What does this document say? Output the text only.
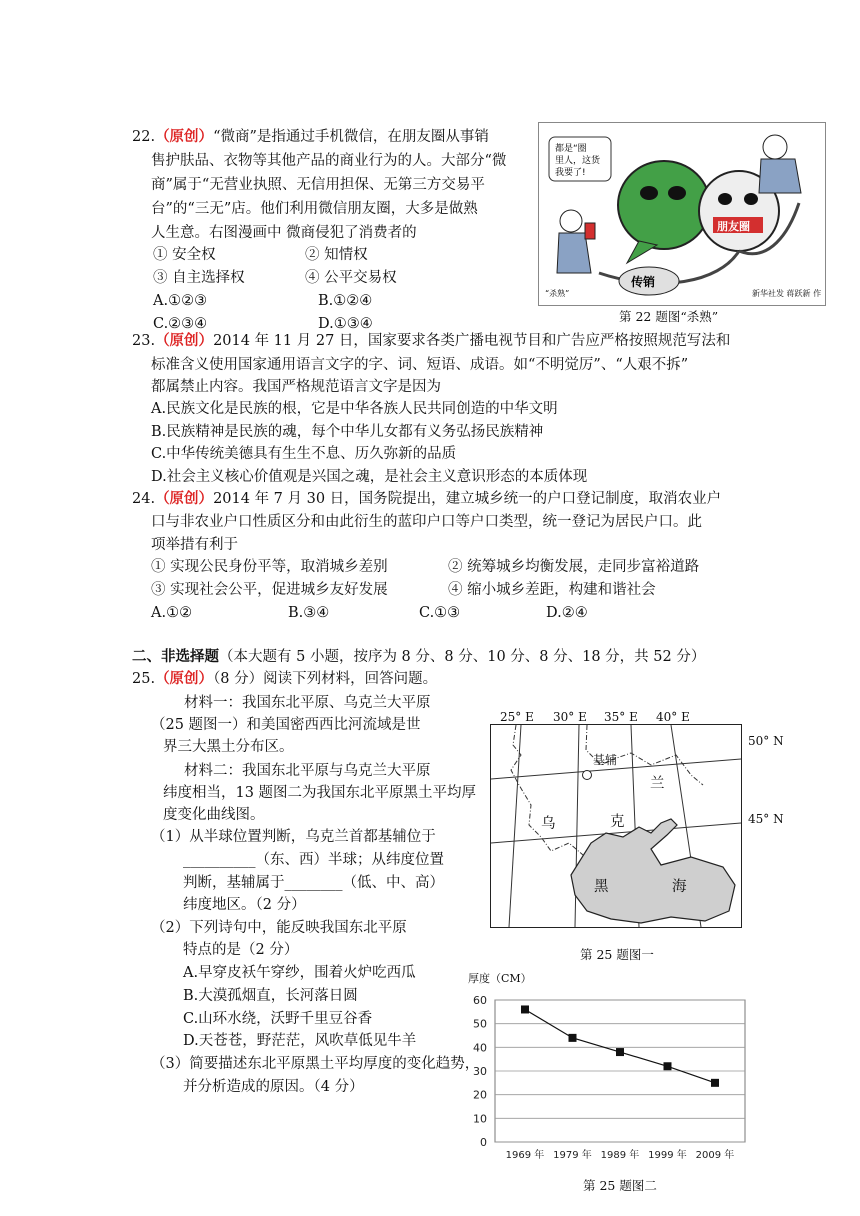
22.（原创）“微商”是指通过手机微信，在朋友圈从事销
售护肤品、衣物等其他产品的商业行为的人。大部分“微
商”属于“无营业执照、无信用担保、无第三方交易平
台”的“三无”店。他们利用微信朋友圈，大多是做熟
人生意。右图漫画中 微商侵犯了消费者的
① 安全权	② 知情权
③ 自主选择权	④ 公平交易权
A.①②③	B.①②④
C.②③④	D.①③④
都是“圈
里人，这货
我要了!
朋友圈
传销
“杀熟”	新华社发 蒋跃新 作
第 22 题图“杀熟”
23.（原创）2014 年 11 月 27 日，国家要求各类广播电视节目和广告应严格按照规范写法和
标准含义使用国家通用语言文字的字、词、短语、成语。如“不明觉厉”、“人艰不拆”
都属禁止内容。我国严格规范语言文字是因为
A.民族文化是民族的根，它是中华各族人民共同创造的中华文明
B.民族精神是民族的魂，每个中华儿女都有义务弘扬民族精神
C.中华传统美德具有生生不息、历久弥新的品质
D.社会主义核心价值观是兴国之魂，是社会主义意识形态的本质体现
24.（原创）2014 年 7 月 30 日，国务院提出，建立城乡统一的户口登记制度，取消农业户
口与非农业户口性质区分和由此衍生的蓝印户口等户口类型，统一登记为居民户口。此
项举措有利于
① 实现公民身份平等，取消城乡差别	② 统筹城乡均衡发展，走同步富裕道路
③ 实现社会公平，促进城乡友好发展	④ 缩小城乡差距，构建和谐社会
A.①②	B.③④	C.①③	D.②④
二、非选择题（本大题有 5 小题，按序为 8 分、8 分、10 分、8 分、18 分，共 52 分）
25.（原创）（8 分）阅读下列材料，回答问题。
材料一：我国东北平原、乌克兰大平原
（25 题图一）和美国密西西比河流域是世
界三大黑土分布区。
材料二：我国东北平原与乌克兰大平原
纬度相当，13 题图二为我国东北平原黑土平均厚
度变化曲线图。
（1）从半球位置判断，乌克兰首都基辅位于
__________（东、西）半球；从纬度位置
判断，基辅属于________（低、中、高）
纬度地区。（2 分）
（2）下列诗句中，能反映我国东北平原
特点的是（2 分）
A.早穿皮袄午穿纱，围着火炉吃西瓜
B.大漠孤烟直，长河落日圆
C.山环水绕，沃野千里豆谷香
D.天苍苍，野茫茫，风吹草低见牛羊
（3）简要描述东北平原黑土平均厚度的变化趋势，
并分析造成的原因。（4 分）
25° E 30° E 35° E 40° E
50° N
45° N
基辅
乌	克
兰
黑	海
第 25 题图一
厚度（CM）
0
10
20
30
40
50
60
1969 年 1979 年 1989 年 1999 年 2009 年
第 25 题图二
